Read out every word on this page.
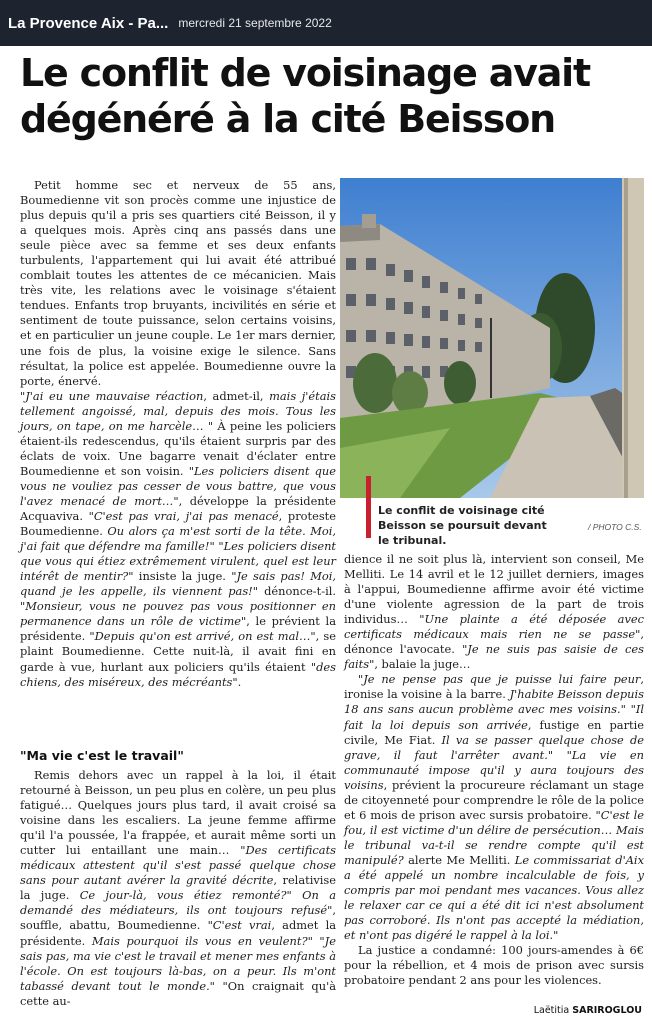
La Provence Aix - Pa... mercredi 21 septembre 2022
Le conflit de voisinage avait dégénéré à la cité Beisson

Petit homme sec et nerveux de 55 ans, Boumedienne vit son procès comme une injustice de plus depuis qu'il a pris ses quartiers cité Beisson, il y a quelques mois. Après cinq ans passés dans une seule pièce avec sa femme et ses deux enfants turbulents, l'appartement qui lui avait été attribué comblait toutes les attentes de ce mécanicien. Mais très vite, les relations avec le voisinage s'étaient tendues. Enfants trop bruyants, incivilités en série et sentiment de toute puissance, selon certains voisins, et en particulier un jeune couple. Le 1er mars dernier, une fois de plus, la voisine exige le silence. Sans résultat, la police est appelée. Boumedienne ouvre la porte, énervé.

"J'ai eu une mauvaise réaction, admet-il, mais j'étais tellement angoissé, mal, depuis des mois. Tous les jours, on tape, on me harcèle… " À peine les policiers étaient-ils redescendus, qu'ils étaient surpris par des éclats de voix. Une bagarre venait d'éclater entre Boumedienne et son voisin. "Les policiers disent que vous ne vouliez pas cesser de vous battre, que vous l'avez menacé de mort…", développe la présidente Acquaviva. "C'est pas vrai, j'ai pas menacé, proteste Boumedienne. Ou alors ça m'est sorti de la tête. Moi, j'ai fait que défendre ma famille!" "Les policiers disent que vous qui étiez extrêmement virulent, quel est leur intérêt de mentir?" insiste la juge. "Je sais pas! Moi, quand je les appelle, ils viennent pas!" dénonce-t-il. "Monsieur, vous ne pouvez pas vous positionner en permanence dans un rôle de victime", le prévient la présidente. "Depuis qu'on est arrivé, on est mal…", se plaint Boumedienne. Cette nuit-là, il avait fini en garde à vue, hurlant aux policiers qu'ils étaient "des chiens, des miséreux, des mécréants".

"Ma vie c'est le travail"

Remis dehors avec un rappel à la loi, il était retourné à Beisson, un peu plus en colère, un peu plus fatigué… Quelques jours plus tard, il avait croisé sa voisine dans les escaliers. La jeune femme affirme qu'il l'a poussée, l'a frappée, et aurait même sorti un cutter lui entaillant une main… "Des certificats médicaux attestent qu'il s'est passé quelque chose sans pour autant avérer la gravité décrite, relativise la juge. Ce jour-là, vous étiez remonté?" On a demandé des médiateurs, ils ont toujours refusé", souffle, abattu, Boumedienne. "C'est vrai, admet la présidente. Mais pourquoi ils vous en veulent?" "Je sais pas, ma vie c'est le travail et mener mes enfants à l'école. On est toujours là-bas, on a peur. Ils m'ont tabassé devant tout le monde." "On craignait qu'à cette au-

Le conflit de voisinage cité Beisson se poursuit devant le tribunal.
/ PHOTO C.S.

dience il ne soit plus là, intervient son conseil, Me Melliti. Le 14 avril et le 12 juillet derniers, images à l'appui, Boumedienne affirme avoir été victime d'une violente agression de la part de trois individus… "Une plainte a été déposée avec certificats médicaux mais rien ne se passe", dénonce l'avocate. "Je ne suis pas saisie de ces faits", balaie la juge…

"Je ne pense pas que je puisse lui faire peur, ironise la voisine à la barre. J'habite Beisson depuis 18 ans sans aucun problème avec mes voisins." "Il fait la loi depuis son arrivée, fustige en partie civile, Me Fiat. Il va se passer quelque chose de grave, il faut l'arrêter avant." "La vie en communauté impose qu'il y aura toujours des voisins, prévient la procureure réclamant un stage de citoyenneté pour comprendre le rôle de la police et 6 mois de prison avec sursis probatoire. "C'est le fou, il est victime d'un délire de persécution… Mais le tribunal va-t-il se rendre compte qu'il est manipulé? alerte Me Melliti. Le commissariat d'Aix a été appelé un nombre incalculable de fois, y compris par moi pendant mes vacances. Vous allez le relaxer car ce qui a été dit ici n'est absolument pas corroboré. Ils n'ont pas accepté la médiation, et n'ont pas digéré le rappel à la loi."

La justice a condamné: 100 jours-amendes à 6€ pour la rébellion, et 4 mois de prison avec sursis probatoire pendant 2 ans pour les violences.

Laëtitia SARIROGLOU
